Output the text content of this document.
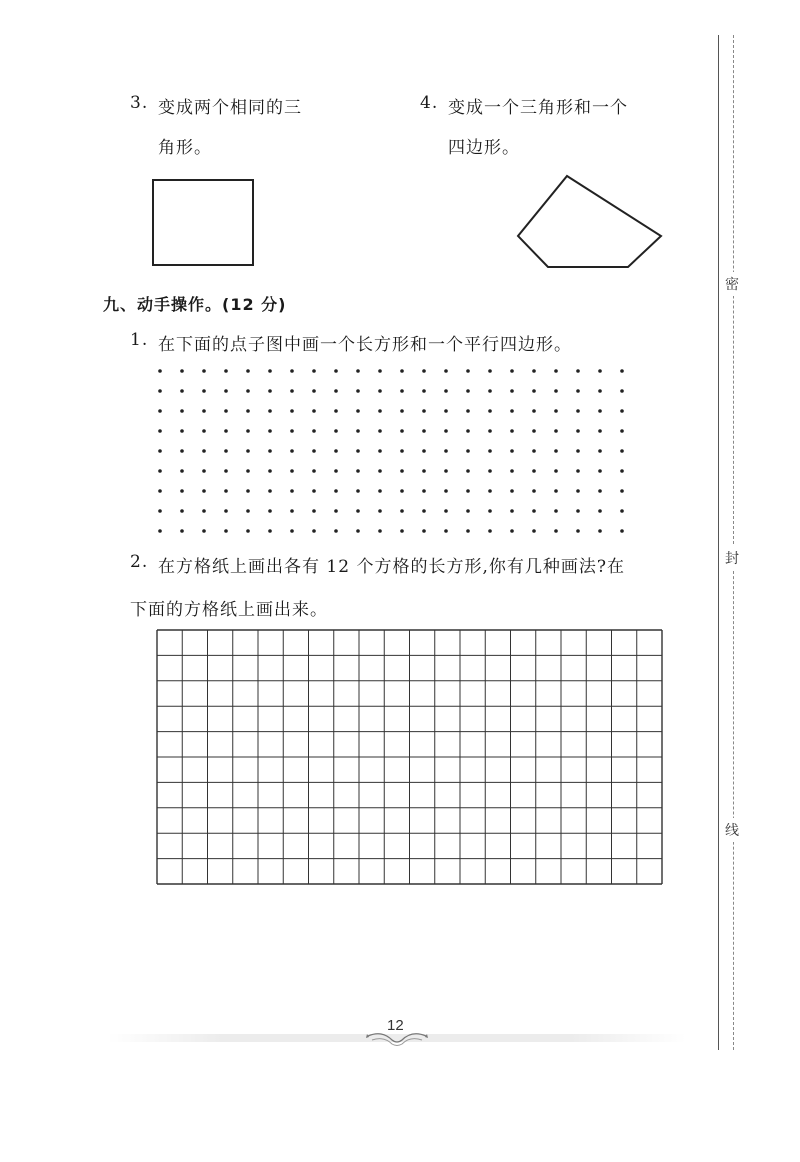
密
封
线
3. 变成两个相同的三
角形。
4. 变成一个三角形和一个
四边形。
九、动手操作。(12 分)
1. 在下面的点子图中画一个长方形和一个平行四边形。
2. 在方格纸上画出各有 12 个方格的长方形,你有几种画法?在
下面的方格纸上画出来。
12
